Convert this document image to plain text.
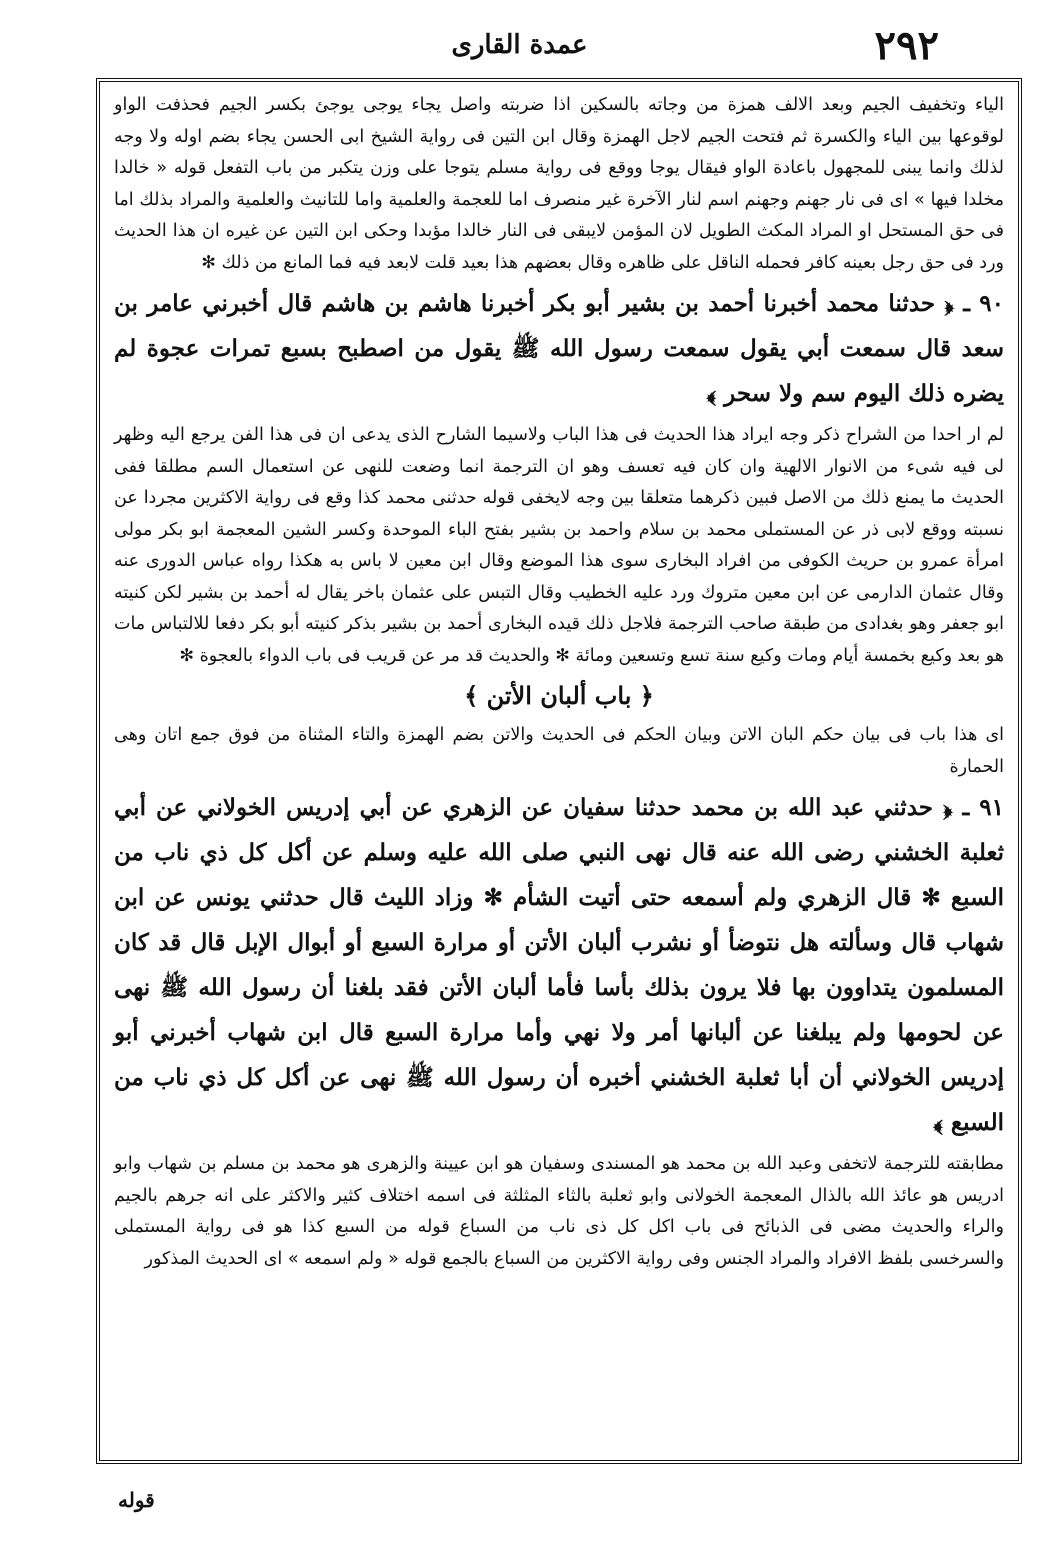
٢٩٢
عمدة القارى

الياء وتخفيف الجيم وبعد الالف همزة من وجاته بالسكين اذا ضربته واصل يجاء يوجى يوجئ بكسر الجيم فحذفت الواو لوقوعها بين الياء والكسرة ثم فتحت الجيم لاجل الهمزة وقال ابن التين فى رواية الشيخ ابى الحسن يجاء بضم اوله ولا وجه لذلك وانما يبنى للمجهول باعادة الواو فيقال يوجا ووقع فى رواية مسلم يتوجا على وزن يتكبر من باب التفعل قوله « خالدا مخلدا فيها » اى فى نار جهنم وجهنم اسم لنار الآخرة غير منصرف اما للعجمة والعلمية واما للتانيث والعلمية والمراد بذلك اما فى حق المستحل او المراد المكث الطويل لان المؤمن لايبقى فى النار خالدا مؤبدا وحكى ابن التين عن غيره ان هذا الحديث ورد فى حق رجل بعينه كافر فحمله الناقل على ظاهره وقال بعضهم هذا بعيد قلت لابعد فيه فما المانع من ذلك ✻

٩٠ ـ ﴿ حدثنا محمد أخبرنا أحمد بن بشير أبو بكر أخبرنا هاشم بن هاشم قال أخبرني عامر بن سعد قال سمعت أبي يقول سمعت رسول الله ﷺ يقول من اصطبح بسبع تمرات عجوة لم يضره ذلك اليوم سم ولا سحر ﴾

لم ار احدا من الشراح ذكر وجه ايراد هذا الحديث فى هذا الباب ولاسيما الشارح الذى يدعى ان فى هذا الفن يرجع اليه وظهر لى فيه شىء من الانوار الالهية وان كان فيه تعسف وهو ان الترجمة انما وضعت للنهى عن استعمال السم مطلقا ففى الحديث ما يمنع ذلك من الاصل فبين ذكرهما متعلقا بين وجه لايخفى قوله حدثنى محمد كذا وقع فى رواية الاكثرين مجردا عن نسبته ووقع لابى ذر عن المستملى محمد بن سلام واحمد بن بشير بفتح الباء الموحدة وكسر الشين المعجمة ابو بكر مولى امرأة عمرو بن حريث الكوفى من افراد البخارى سوى هذا الموضع وقال ابن معين لا باس به هكذا رواه عباس الدورى عنه وقال عثمان الدارمى عن ابن معين متروك ورد عليه الخطيب وقال التبس على عثمان باخر يقال له أحمد بن بشير لكن كنيته ابو جعفر وهو بغدادى من طبقة صاحب الترجمة فلاجل ذلك قيده البخارى أحمد بن بشير بذكر كنيته أبو بكر دفعا للالتباس مات هو بعد وكيع بخمسة أيام ومات وكيع سنة تسع وتسعين ومائة ✻ والحديث قد مر عن قريب فى باب الدواء بالعجوة ✻

﴿ باب ألبان الأتن ﴾

اى هذا باب فى بيان حكم البان الاتن وبيان الحكم فى الحديث والاتن بضم الهمزة والتاء المثناة من فوق جمع اتان وهى الحمارة

٩١ ـ ﴿ حدثني عبد الله بن محمد حدثنا سفيان عن الزهري عن أبي إدريس الخولاني عن أبي ثعلبة الخشني رضى الله عنه قال نهى النبي صلى الله عليه وسلم عن أكل كل ذي ناب من السبع ✻ قال الزهري ولم أسمعه حتى أتيت الشأم ✻ وزاد الليث قال حدثني يونس عن ابن شهاب قال وسألته هل نتوضأ أو نشرب ألبان الأتن أو مرارة السبع أو أبوال الإبل قال قد كان المسلمون يتداوون بها فلا يرون بذلك بأسا فأما ألبان الأتن فقد بلغنا أن رسول الله ﷺ نهى عن لحومها ولم يبلغنا عن ألبانها أمر ولا نهي وأما مرارة السبع قال ابن شهاب أخبرني أبو إدريس الخولاني أن أبا ثعلبة الخشني أخبره أن رسول الله ﷺ نهى عن أكل كل ذي ناب من السبع ﴾

مطابقته للترجمة لاتخفى وعبد الله بن محمد هو المسندى وسفيان هو ابن عيينة والزهرى هو محمد بن مسلم بن شهاب وابو ادريس هو عائذ الله بالذال المعجمة الخولانى وابو ثعلبة بالثاء المثلثة فى اسمه اختلاف كثير والاكثر على انه جرهم بالجيم والراء والحديث مضى فى الذبائح فى باب اكل كل ذى ناب من السباع قوله من السبع كذا هو فى رواية المستملى والسرخسى بلفظ الافراد والمراد الجنس وفى رواية الاكثرين من السباع بالجمع قوله « ولم اسمعه » اى الحديث المذكور

قوله
